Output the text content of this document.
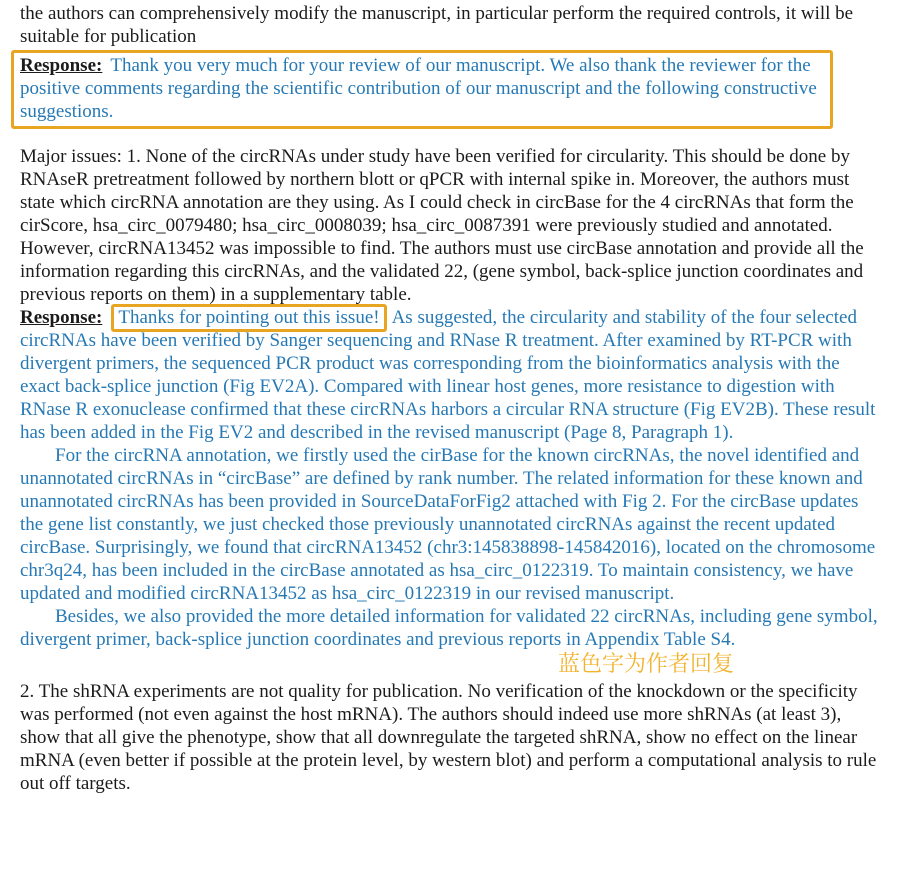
the authors can comprehensively modify the manuscript, in particular perform the required controls, it will be suitable for publication

Response: Thank you very much for your review of our manuscript. We also thank the reviewer for the positive comments regarding the scientific contribution of our manuscript and the following constructive suggestions.

Major issues: 1. None of the circRNAs under study have been verified for circularity. This should be done by RNAseR pretreatment followed by northern blott or qPCR with internal spike in. Moreover, the authors must state which circRNA annotation are they using. As I could check in circBase for the 4 circRNAs that form the cirScore, hsa_circ_0079480; hsa_circ_0008039; hsa_circ_0087391 were previously studied and annotated. However, circRNA13452 was impossible to find. The authors must use circBase annotation and provide all the information regarding this circRNAs, and the validated 22, (gene symbol, back-splice junction coordinates and previous reports on them) in a supplementary table.

Response: Thanks for pointing out this issue! As suggested, the circularity and stability of the four selected circRNAs have been verified by Sanger sequencing and RNase R treatment. After examined by RT-PCR with divergent primers, the sequenced PCR product was corresponding from the bioinformatics analysis with the exact back-splice junction (Fig EV2A). Compared with linear host genes, more resistance to digestion with RNase R exonuclease confirmed that these circRNAs harbors a circular RNA structure (Fig EV2B). These result has been added in the Fig EV2 and described in the revised manuscript (Page 8, Paragraph 1).

For the circRNA annotation, we firstly used the cirBase for the known circRNAs, the novel identified and unannotated circRNAs in “circBase” are defined by rank number. The related information for these known and unannotated circRNAs has been provided in SourceDataForFig2 attached with Fig 2. For the circBase updates the gene list constantly, we just checked those previously unannotated circRNAs against the recent updated circBase. Surprisingly, we found that circRNA13452 (chr3:145838898-145842016), located on the chromosome chr3q24, has been included in the circBase annotated as hsa_circ_0122319. To maintain consistency, we have updated and modified circRNA13452 as hsa_circ_0122319 in our revised manuscript.

Besides, we also provided the more detailed information for validated 22 circRNAs, including gene symbol, divergent primer, back-splice junction coordinates and previous reports in Appendix Table S4.

蓝色字为作者回复

2. The shRNA experiments are not quality for publication. No verification of the knockdown or the specificity was performed (not even against the host mRNA). The authors should indeed use more shRNAs (at least 3), show that all give the phenotype, show that all downregulate the targeted shRNA, show no effect on the linear mRNA (even better if possible at the protein level, by western blot) and perform a computational analysis to rule out off targets.
